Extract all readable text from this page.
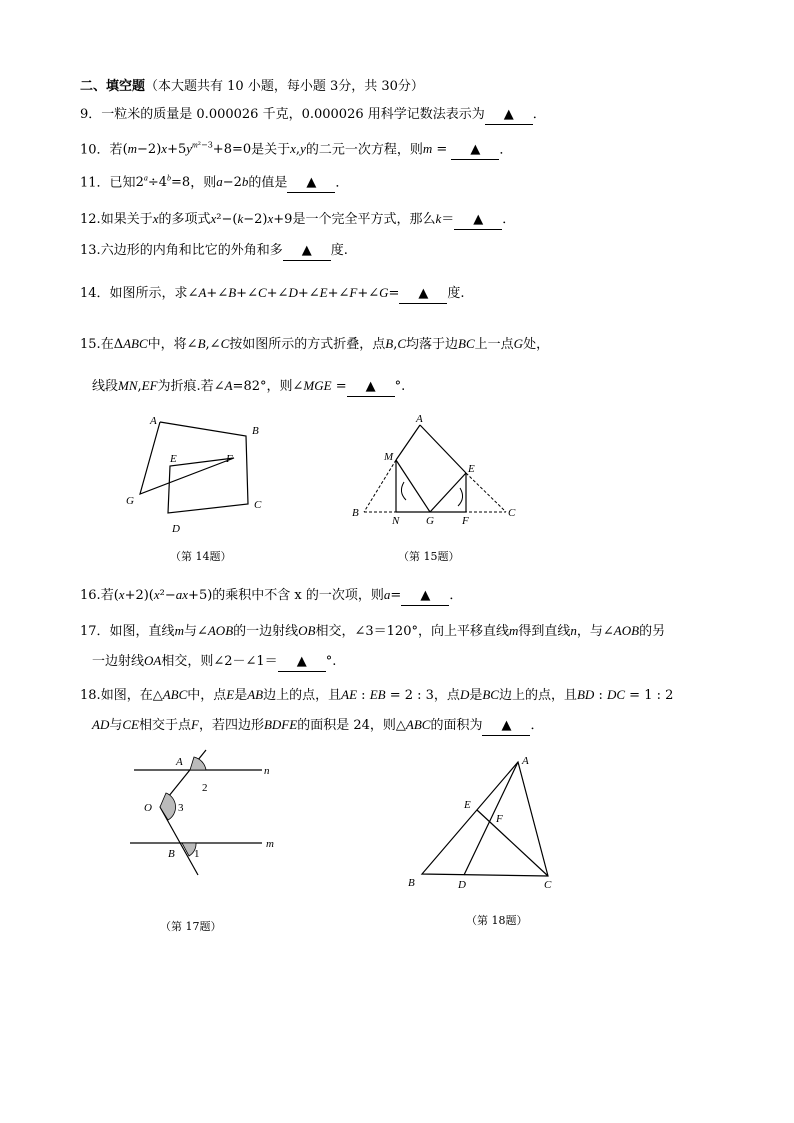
二、填空题（本大题共有 10 小题，每小题 3分，共 30分）
9．一粒米的质量是 0.000026 千克，0.000026 用科学记数法表示为 ▲ ．
10．若$(m-2)x+5y^{m^2-3}+8=0$是关于x,y的二元一次方程，则m = ▲ ．
11．已知$2^a\div 4^b=8$，则a−2b的值是 ▲ ．
12.如果关于x的多项式x²−(k−2)x+9是一个完全平方式，那么k＝ ▲ ．
13.六边形的内角和比它的外角和多 ▲ 度.
14．如图所示，求∠A+∠B+∠C+∠D+∠E+∠F+∠G= ▲ 度.
15.在ΔABC中，将∠B,∠C按如图所示的方式折叠，点B,C均落于边BC上一点G处，
线段MN,EF为折痕.若∠A=82°，则∠MGE = ▲ °.
A
B
C
D
E	F
G
（第 14题）
A
M
E
B
N G	F
C
（第 15题）
16.若(x+2)(x²−ax+5)的乘积中不含 x 的一次项，则a= ▲ ．
17．如图，直线m与∠AOB的一边射线OB相交，∠3＝120°，向上平移直线m得到直线n，与∠AOB的另
一边射线OA相交，则∠2－∠1＝ ▲ °.
18.如图，在△ABC中，点E是AB边上的点，且AE : EB = 2 : 3，点D是BC边上的点，且BD : DC = 1 : 2
AD与CE相交于点F，若四边形BDFE的面积是 24，则△ABC的面积为 ▲ ．
A
n
2
O 3
B 1
m
（第 17题）
A
E
F
B	D	C
（第 18题）
